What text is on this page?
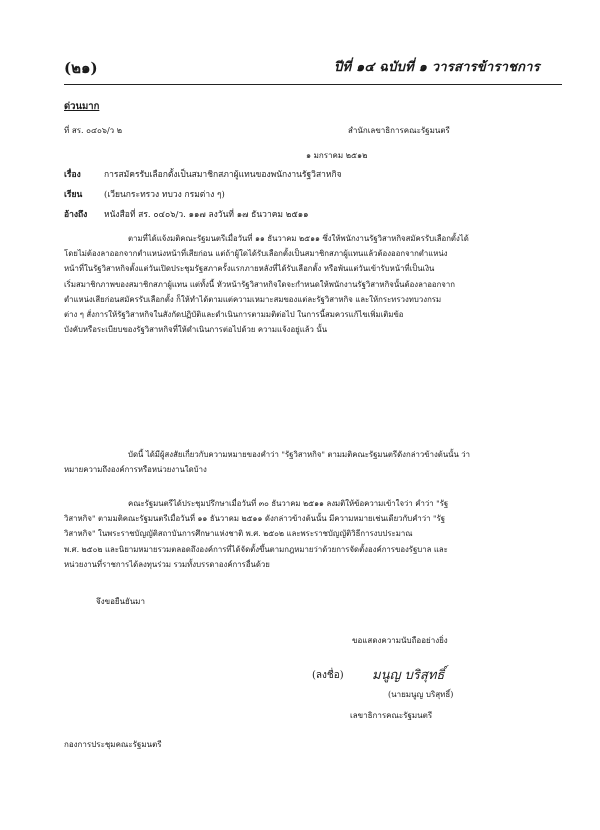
(๒๑)	ปีที่ ๑๔ ฉบับที่ ๑ วารสารข้าราชการ
ด่วนมาก
ที่ สร. ๐๔๐๖/ว ๒	สำนักเลขาธิการคณะรัฐมนตรี
๑ มกราคม ๒๕๑๒
เรื่อง	การสมัครรับเลือกตั้งเป็นสมาชิกสภาผู้แทนของพนักงานรัฐวิสาหกิจ
เรียน	(เวียนกระทรวง ทบวง กรมต่าง ๆ)
อ้างถึง หนังสือที่ สร. ๐๔๐๖/ว. ๑๑๗ ลงวันที่ ๑๗ ธันวาคม ๒๕๑๑
ตามที่ได้แจ้งมติคณะรัฐมนตรีเมื่อวันที่ ๑๑ ธันวาคม ๒๕๑๑ ซึ่งให้พนักงานรัฐวิสาหกิจสมัครรับเลือกตั้งได้
โดยไม่ต้องลาออกจากตำแหน่งหน้าที่เสียก่อน แต่ถ้าผู้ใดได้รับเลือกตั้งเป็นสมาชิกสภาผู้แทนแล้วต้องออกจากตำแหน่ง
หน้าที่ในรัฐวิสาหกิจตั้งแต่วันเปิดประชุมรัฐสภาครั้งแรกภายหลังที่ได้รับเลือกตั้ง หรือพ้นแต่วันเข้ารับหน้าที่เป็นเงิน
เริ่มสมาชิกภาพของสมาชิกสภาผู้แทน แต่ทั้งนี้ หัวหน้ารัฐวิสาหกิจใดจะกำหนดให้พนักงานรัฐวิสาหกิจนั้นต้องลาออกจาก
ตำแหน่งเสียก่อนสมัครรับเลือกตั้ง ก็ให้ทำได้ตามแต่ความเหมาะสมของแต่ละรัฐวิสาหกิจ และให้กระทรวงทบวงกรม
ต่าง ๆ สั่งการให้รัฐวิสาหกิจในสังกัดปฏิบัติและดำเนินการตามมติต่อไป ในการนี้สมควรแก้ไขเพิ่มเติมข้อ
บังคับหรือระเบียบของรัฐวิสาหกิจที่ให้ดำเนินการต่อไปด้วย ความแจ้งอยู่แล้ว นั้น
บัดนี้ ได้มีผู้สงสัยเกี่ยวกับความหมายของคำว่า "รัฐวิสาหกิจ" ตามมติคณะรัฐมนตรีดังกล่าวข้างต้นนั้น ว่า
หมายความถึงองค์การหรือหน่วยงานใดบ้าง
คณะรัฐมนตรีได้ประชุมปรึกษาเมื่อวันที่ ๓๐ ธันวาคม ๒๕๑๑ ลงมติให้ข้อความเข้าใจว่า คำว่า "รัฐ
วิสาหกิจ" ตามมติคณะรัฐมนตรีเมื่อวันที่ ๑๑ ธันวาคม ๒๕๑๑ ดังกล่าวข้างต้นนั้น มีความหมายเช่นเดียวกับคำว่า "รัฐ
วิสาหกิจ" ในพระราชบัญญัติสถาบันการศึกษาแห่งชาติ พ.ศ. ๒๕๐๒ และพระราชบัญญัติวิธีการงบประมาณ
พ.ศ. ๒๕๐๒ และนิยามหมายรวมตลอดถึงองค์การที่ได้จัดตั้งขึ้นตามกฎหมายว่าด้วยการจัดตั้งองค์การของรัฐบาล และ
หน่วยงานที่ราชการได้ลงทุนร่วม รวมทั้งบรรดาองค์การอื่นด้วย
จึงขอยืนยันมา
ขอแสดงความนับถืออย่างยิ่ง
(ลงชื่อ) มนูญ บริสุทธิ์
(นายมนูญ บริสุทธิ์)
เลขาธิการคณะรัฐมนตรี
กองการประชุมคณะรัฐมนตรี
